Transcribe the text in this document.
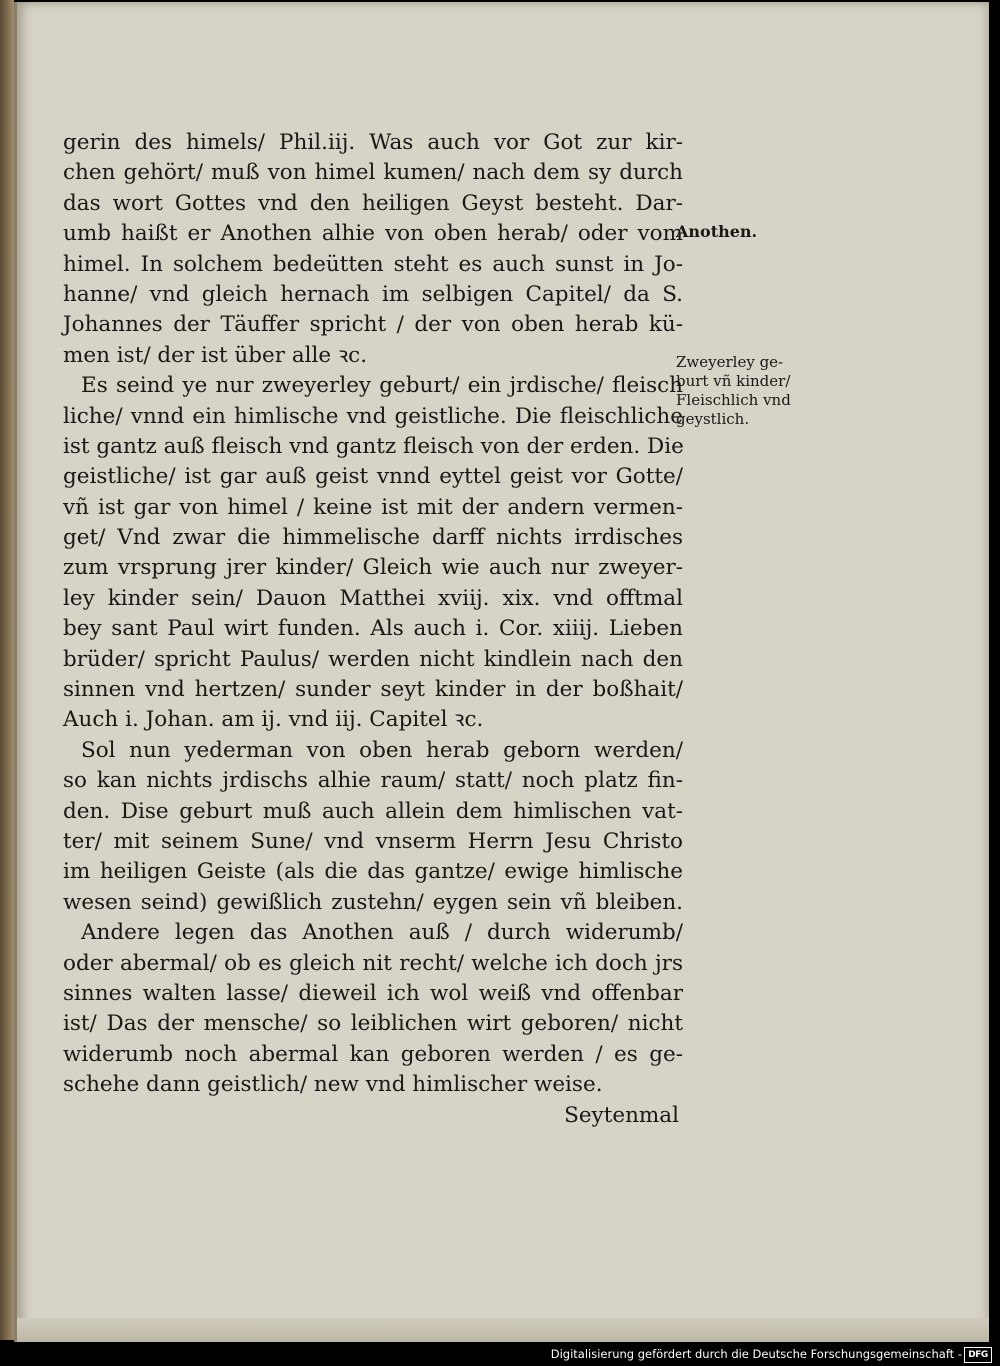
gerin des himels/ Phil.iij. Was auch vor Got zur kir-
chen gehört/ muß von himel kumen/ nach dem sy durch
das wort Gottes vnd den heiligen Geyst besteht. Dar-
umb haißt er Anothen alhie von oben herab/ oder vom
himel. In solchem bedeütten steht es auch sunst in Jo-
hanne/ vnd gleich hernach im selbigen Capitel/ da S.
Johannes der Täuffer spricht / der von oben herab kü-
men ist/ der ist über alle ꝛc.
Es seind ye nur zweyerley geburt/ ein jrdische/ fleisch
liche/ vnnd ein himlische vnd geistliche. Die fleischliche
ist gantz auß fleisch vnd gantz fleisch von der erden. Die
geistliche/ ist gar auß geist vnnd eyttel geist vor Gotte/
vñ ist gar von himel / keine ist mit der andern vermen-
get/ Vnd zwar die himmelische darff nichts irrdisches
zum vrsprung jrer kinder/ Gleich wie auch nur zweyer-
ley kinder sein/ Dauon Matthei xviij. xix. vnd offtmal
bey sant Paul wirt funden. Als auch i. Cor. xiiij. Lieben
brüder/ spricht Paulus/ werden nicht kindlein nach den
sinnen vnd hertzen/ sunder seyt kinder in der boßhait/
Auch i. Johan. am ij. vnd iij. Capitel ꝛc.
Sol nun yederman von oben herab geborn werden/
so kan nichts jrdischs alhie raum/ statt/ noch platz fin-
den. Dise geburt muß auch allein dem himlischen vat-
ter/ mit seinem Sune/ vnd vnserm Herrn Jesu Christo
im heiligen Geiste (als die das gantze/ ewige himlische
wesen seind) gewißlich zustehn/ eygen sein vñ bleiben.
Andere legen das Anothen auß / durch widerumb/
oder abermal/ ob es gleich nit recht/ welche ich doch jrs
sinnes walten lasse/ dieweil ich wol weiß vnd offenbar
ist/ Das der mensche/ so leiblichen wirt geboren/ nicht
widerumb noch abermal kan geboren werden / es ge-
schehe dann geistlich/ new vnd himlischer weise.
Seytenmal
Anothen.
Zweyerley ge-
burt vñ kinder/
Fleischlich vnd
geystlich.
Digitalisierung gefördert durch die Deutsche Forschungsgemeinschaft - DFG
